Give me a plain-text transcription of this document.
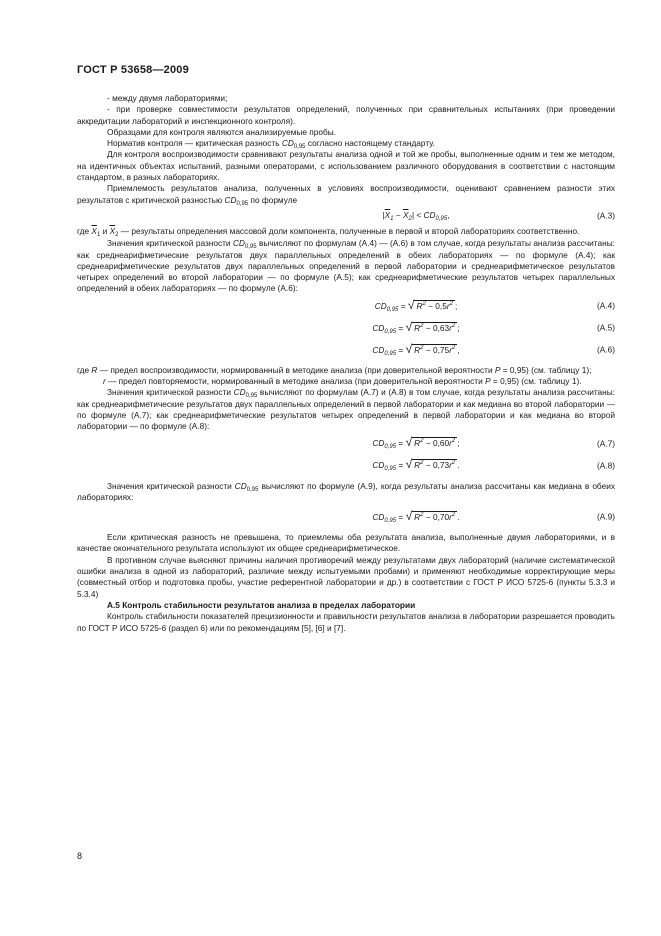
ГОСТ Р 53658—2009

- между двумя лабораториями;

- при проверке совместимости результатов определений, полученных при сравнительных испытаниях (при проведении аккредитации лабораторий и инспекционного контроля).

Образцами для контроля являются анализируемые пробы.

Норматив контроля — критическая разность $CD_{0,95}$ согласно настоящему стандарту.

Для контроля воспроизводимости сравнивают результаты анализа одной и той же пробы, выполненные одним и тем же методом, на идентичных объектах испытаний, разными операторами, с использованием различного оборудования в соответствии с настоящим стандартом, в разных лабораториях.

Приемлемость результатов анализа, полученных в условиях воспроизводимости, оценивают сравнением разности этих результатов с критической разностью $CD_{0,95}$ по формуле

$|\overline{X}_1 - \overline{X}_2| < CD_{0,95}$,	(А.3)

где $\overline{X}_1$ и $\overline{X}_2$ — результаты определения массовой доли компонента, полученные в первой и второй лабораториях соответственно.

Значения критической разности $CD_{0,95}$ вычисляют по формулам (А.4) — (А.6) в том случае, когда результаты анализа рассчитаны: как среднеарифметические результатов двух параллельных определений в обеих лабораториях — по формуле (А.4); как среднеарифметические результатов двух параллельных определений в первой лаборатории и среднеарифметическое результатов четырех определений во второй лаборатории — по формуле (А.5); как среднеарифметические результатов четырех параллельных определений в обеих лабораториях — по формуле (А.6):

$CD_{0,95}$ = √ $R^2 - 0,5r^2$ ;	(А.4)
$CD_{0,95}$ = √ $R^2 - 0,63r^2$ ;	(А.5)
$CD_{0,95}$ = √ $R^2 - 0,75r^2$ ,	(А.6)

где R — предел воспроизводимости, нормированный в методике анализа (при доверительной вероятности P = 0,95) (см. таблицу 1);

r — предел повторяемости, нормированный в методике анализа (при доверительной вероятности P = 0,95) (см. таблицу 1).

Значения критической разности $CD_{0,95}$ вычисляют по формулам (А.7) и (А.8) в том случае, когда результаты анализа рассчитаны: как среднеарифметические результатов двух параллельных определений в первой лаборатории и как медиана во второй лаборатории — по формуле (А.7); как среднеарифметические результатов четырех определений в первой лаборатории и как медиана во второй лаборатории — по формуле (А.8):

$CD_{0,95}$ = √ $R^2 - 0,60r^2$ ;	(А.7)
$CD_{0,95}$ = √ $R^2 - 0,73r^2$ .	(А.8)

Значения критической разности $CD_{0,95}$ вычисляют по формуле (А.9), когда результаты анализа рассчитаны как медиана в обеих лабораториях:

$CD_{0,95}$ = √ $R^2 - 0,70r^2$ .	(А.9)

Если критическая разность не превышена, то приемлемы оба результата анализа, выполненные двумя лабораториями, и в качестве окончательного результата используют их общее среднеарифметическое.

В противном случае выясняют причины наличия противоречий между результатами двух лабораторий (наличие систематической ошибки анализа в одной из лабораторий, различие между испытуемыми пробами) и применяют необходимые корректирующие меры (совместный отбор и подготовка пробы, участие референтной лаборатории и др.) в соответствии с ГОСТ Р ИСО 5725-6 (пункты 5.3.3 и 5.3.4)

А.5 Контроль стабильности результатов анализа в пределах лаборатории

Контроль стабильности показателей прецизионности и правильности результатов анализа в лаборатории разрешается проводить по ГОСТ Р ИСО 5725-6 (раздел 6) или по рекомендациям [5], [6] и [7].

8
